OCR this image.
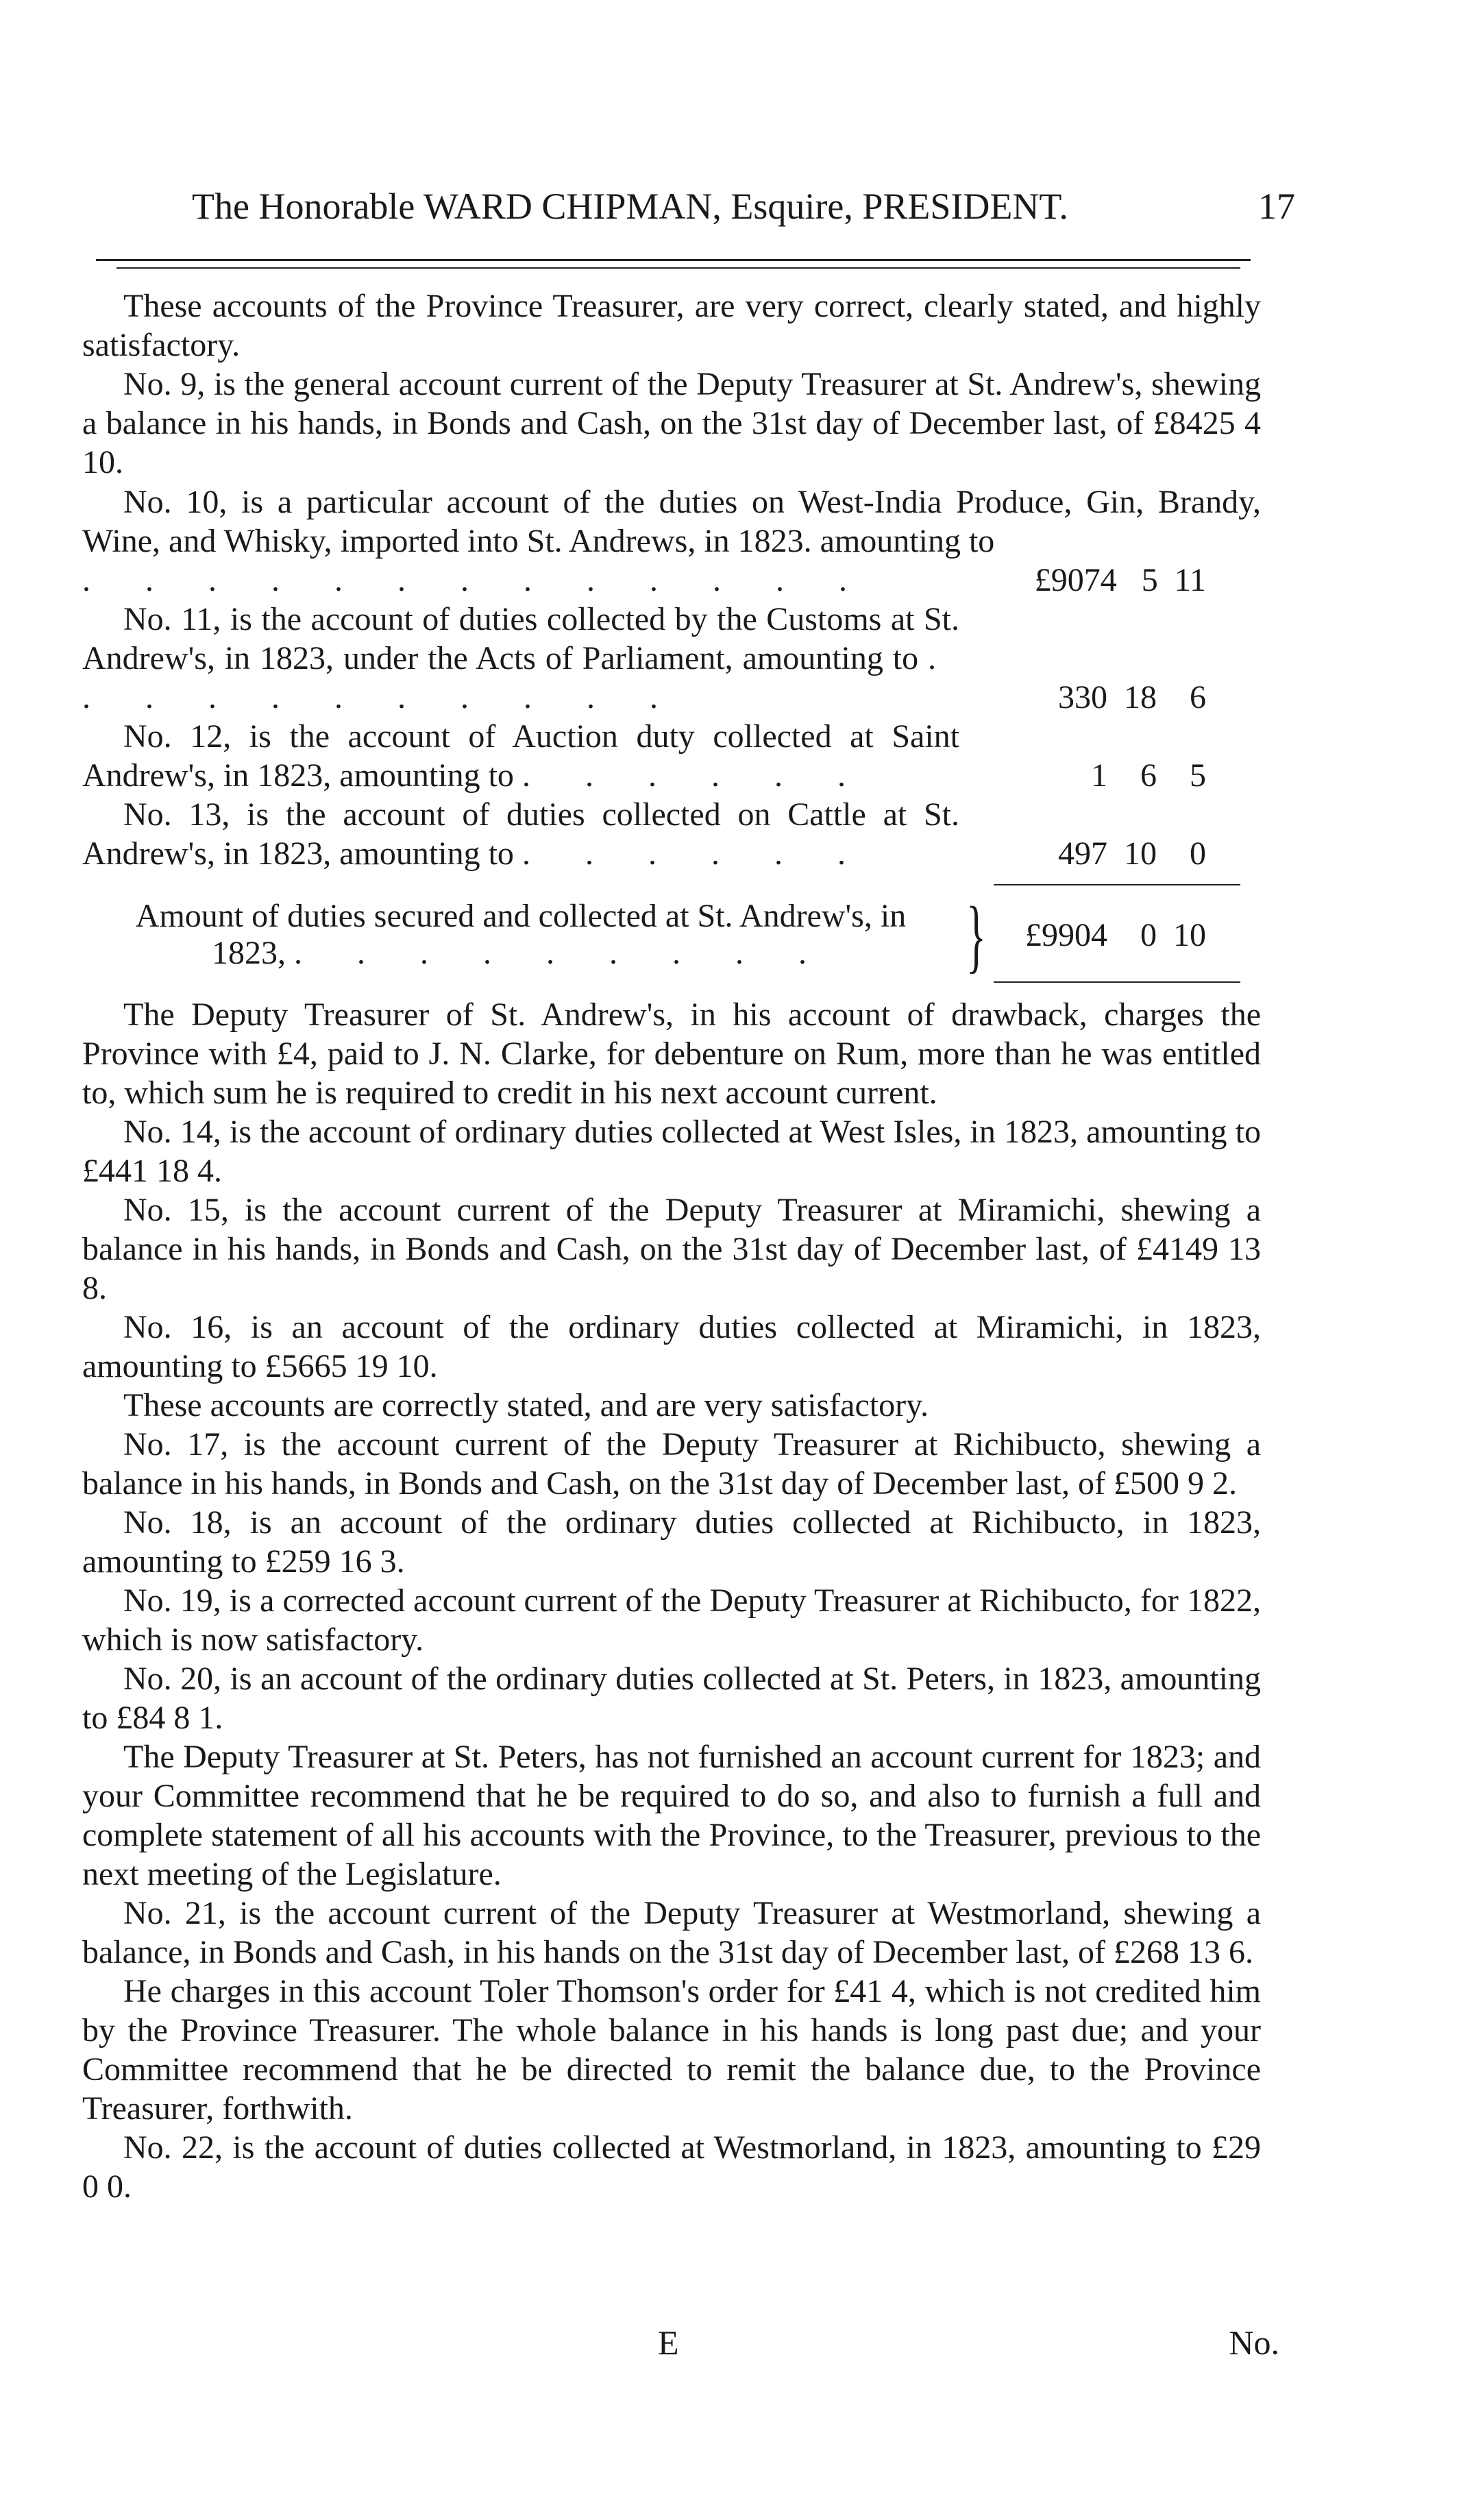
The Honorable WARD CHIPMAN, Esquire, PRESIDENT.	17

These accounts of the Province Treasurer, are very correct, clearly stated, and highly satisfactory.

No. 9, is the general account current of the Deputy Treasurer at St. Andrew's, shewing a balance in his hands, in Bonds and Cash, on the 31st day of December last, of £8425 4 10.

No. 10, is a particular account of the duties on West-India Produce, Gin, Brandy, Wine, and Whisky, imported into St. Andrews, in 1823. amounting to

. . . . . . . . . . . . .	£9074   5  11
No. 11, is the account of duties collected by the Customs at St. Andrew's, in 1823, under the Acts of Parliament, amounting to . . . . . . . . . . .	330  18    6
No. 12, is the account of Auction duty collected at Saint Andrew's, in 1823, amounting to . . . . . .	1    6    5
No. 13, is the account of duties collected on Cattle at St. Andrew's, in 1823, amounting to . . . . . .	497  10    0
Amount of duties secured and collected at St. Andrew's, in
1823, . . . . . . . . .	} £9904    0  10

The Deputy Treasurer of St. Andrew's, in his account of drawback, charges the Province with £4, paid to J. N. Clarke, for debenture on Rum, more than he was entitled to, which sum he is required to credit in his next account current.

No. 14, is the account of ordinary duties collected at West Isles, in 1823, amounting to £441 18 4.

No. 15, is the account current of the Deputy Treasurer at Miramichi, shewing a balance in his hands, in Bonds and Cash, on the 31st day of December last, of £4149 13 8.

No. 16, is an account of the ordinary duties collected at Miramichi, in 1823, amounting to £5665 19 10.

These accounts are correctly stated, and are very satisfactory.

No. 17, is the account current of the Deputy Treasurer at Richibucto, shewing a balance in his hands, in Bonds and Cash, on the 31st day of December last, of £500 9 2.

No. 18, is an account of the ordinary duties collected at Richibucto, in 1823, amounting to £259 16 3.

No. 19, is a corrected account current of the Deputy Treasurer at Richibucto, for 1822, which is now satisfactory.

No. 20, is an account of the ordinary duties collected at St. Peters, in 1823, amounting to £84 8 1.

The Deputy Treasurer at St. Peters, has not furnished an account current for 1823; and your Committee recommend that he be required to do so, and also to furnish a full and complete statement of all his accounts with the Province, to the Treasurer, previous to the next meeting of the Legislature.

No. 21, is the account current of the Deputy Treasurer at Westmorland, shewing a balance, in Bonds and Cash, in his hands on the 31st day of December last, of £268 13 6.

He charges in this account Toler Thomson's order for £41 4, which is not credited him by the Province Treasurer. The whole balance in his hands is long past due; and your Committee recommend that he be directed to remit the balance due, to the Province Treasurer, forthwith.

No. 22, is the account of duties collected at Westmorland, in 1823, amounting to £29 0 0.

E	No.
